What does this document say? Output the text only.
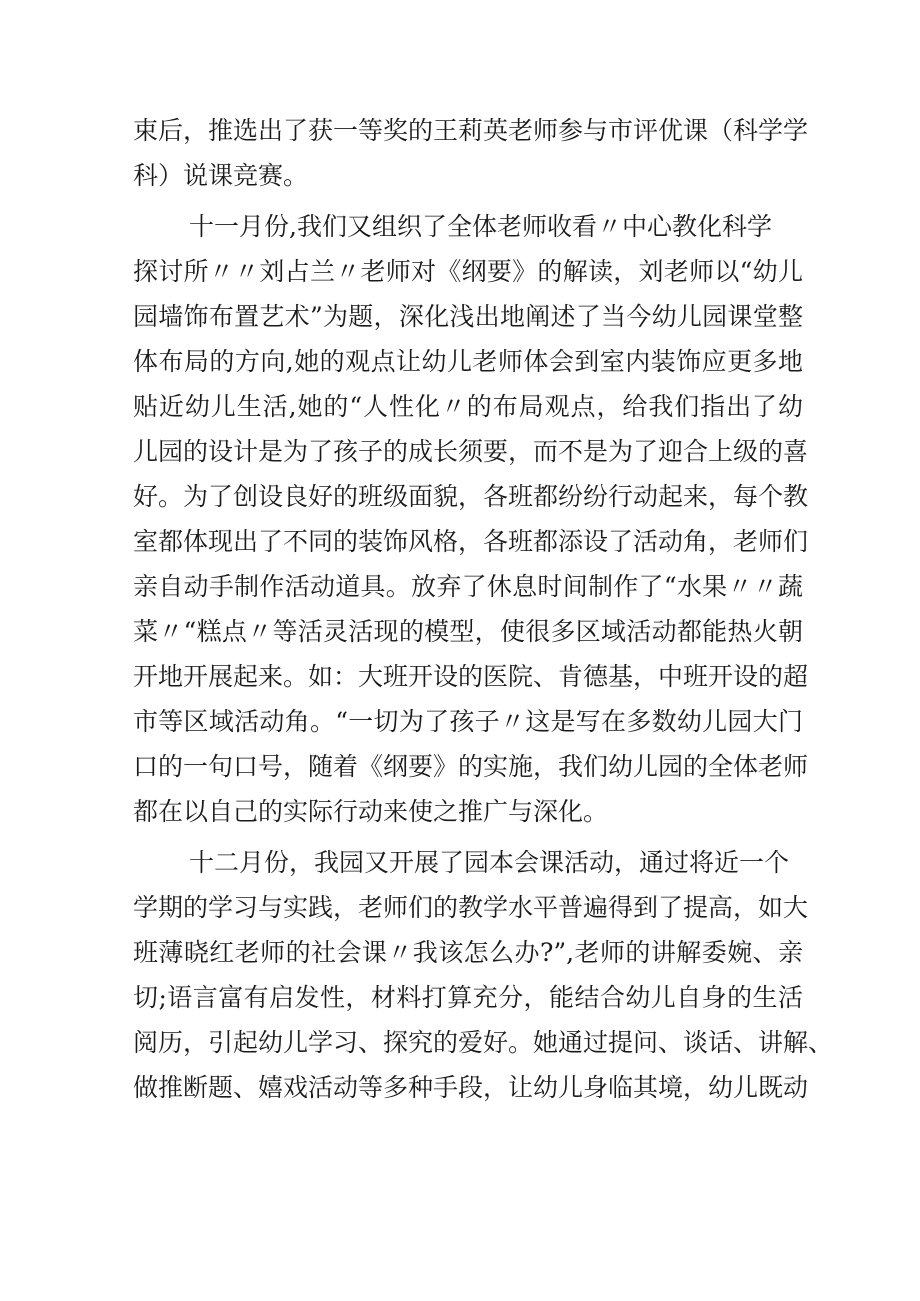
束后，推选出了获一等奖的王莉英老师参与市评优课（科学学
科）说课竞赛。
十一月份,我们又组织了全体老师收看〃中心教化科学
探讨所〃〃刘占兰〃老师对《纲要》的解读，刘老师以“幼儿
园墙饰布置艺术”为题，深化浅出地阐述了当今幼儿园课堂整
体布局的方向,她的观点让幼儿老师体会到室内装饰应更多地
贴近幼儿生活,她的“人性化〃的布局观点，给我们指出了幼
儿园的设计是为了孩子的成长须要，而不是为了迎合上级的喜
好。为了创设良好的班级面貌，各班都纷纷行动起来，每个教
室都体现出了不同的装饰风格，各班都添设了活动角，老师们
亲自动手制作活动道具。放弃了休息时间制作了“水果〃〃蔬
菜〃“糕点〃等活灵活现的模型，使很多区域活动都能热火朝
开地开展起来。如：大班开设的医院、肯德基，中班开设的超
市等区域活动角。“一切为了孩子〃这是写在多数幼儿园大门
口的一句口号，随着《纲要》的实施，我们幼儿园的全体老师
都在以自己的实际行动来使之推广与深化。
十二月份，我园又开展了园本会课活动，通过将近一个
学期的学习与实践，老师们的教学水平普遍得到了提高，如大
班薄晓红老师的社会课〃我该怎么办?”,老师的讲解委婉、亲
切;语言富有启发性，材料打算充分，能结合幼儿自身的生活
阅历，引起幼儿学习、探究的爱好。她通过提问、谈话、讲解、
做推断题、嬉戏活动等多种手段，让幼儿身临其境，幼儿既动
